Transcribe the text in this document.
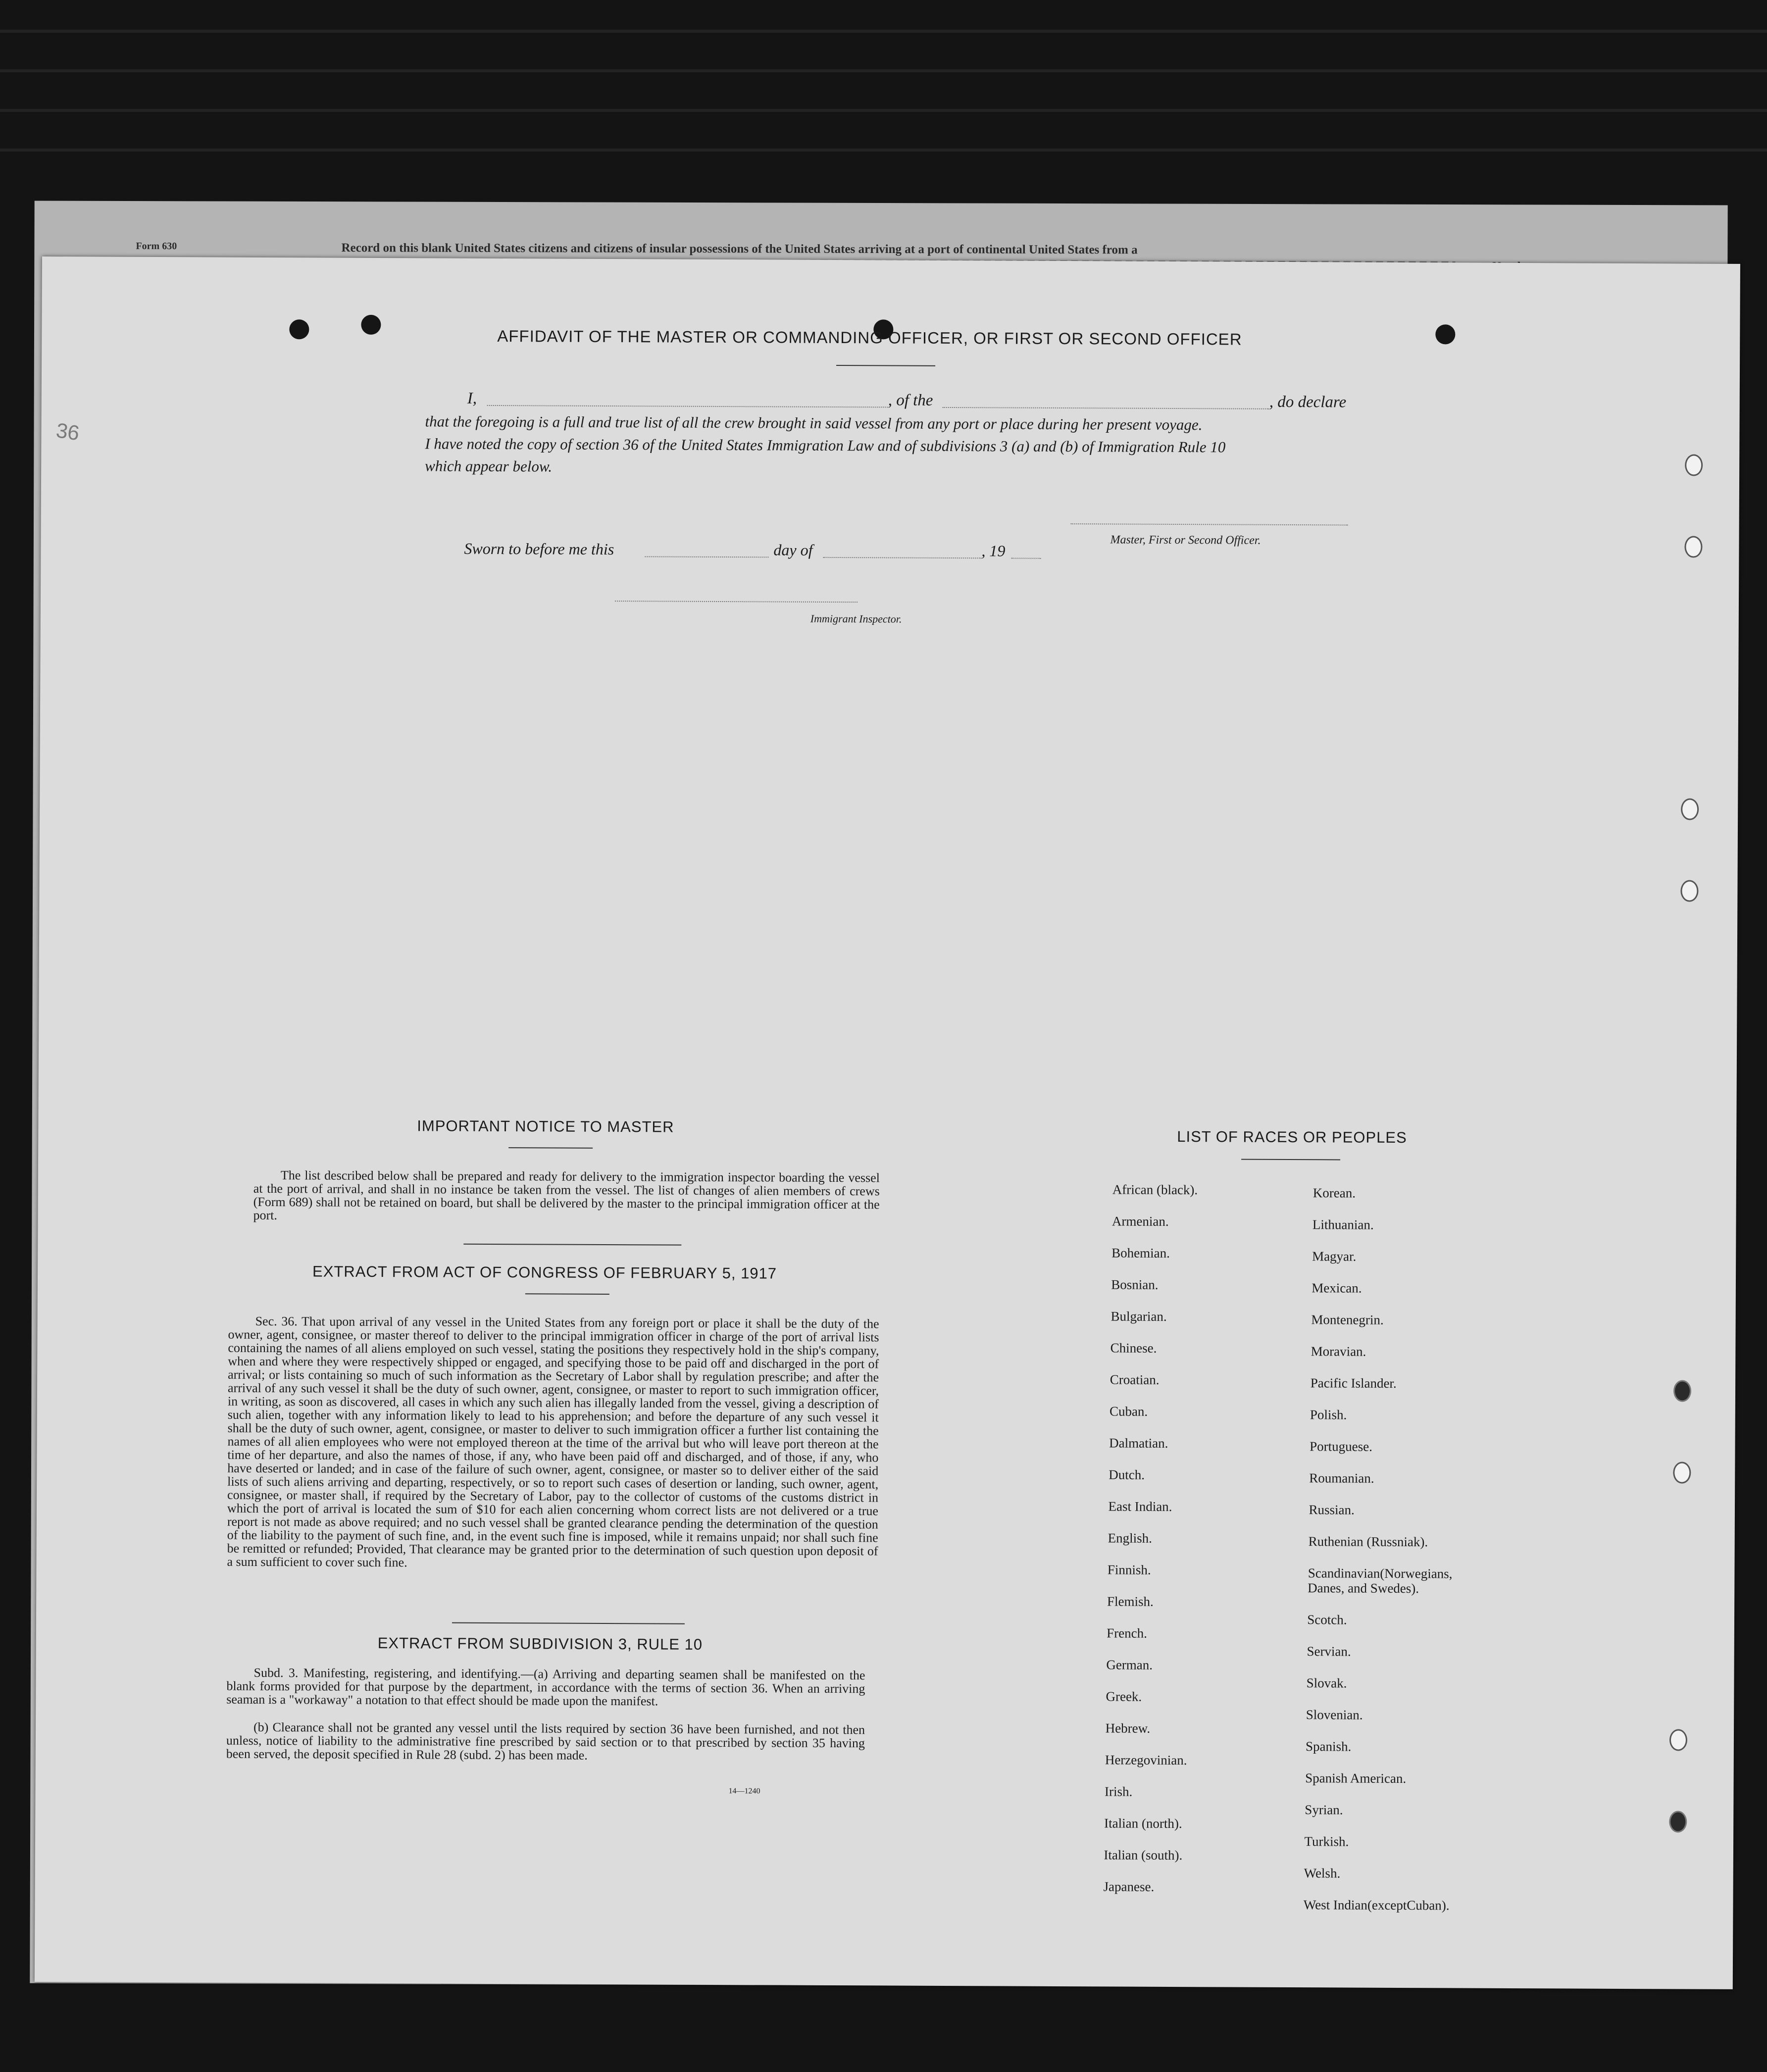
Form 630	Record on this blank United States citizens and citizens of insular possessions of the United States arriving at a port of continental United States from a
36
AFFIDAVIT OF THE MASTER OR COMMANDING OFFICER, OR FIRST OR SECOND OFFICER
I,	, of the	, do declare
that the foregoing is a full and true list of all the crew brought in said vessel from any port or place during her present voyage.
I have noted the copy of section 36 of the United States Immigration Law and of subdivisions 3 (a) and (b) of Immigration Rule 10
which appear below.
Master, First or Second Officer.
Sworn to before me this	day of	, 19
Immigrant Inspector.
IMPORTANT NOTICE TO MASTER
The list described below shall be prepared and ready for delivery to the immigration inspector boarding the vessel at the port of arrival, and shall in no instance be taken from the vessel. The list of changes of alien members of crews (Form 689) shall not be retained on board, but shall be delivered by the master to the principal immigration officer at the port.
EXTRACT FROM ACT OF CONGRESS OF FEBRUARY 5, 1917
Sec. 36. That upon arrival of any vessel in the United States from any foreign port or place it shall be the duty of the owner, agent, consignee, or master thereof to deliver to the principal immigration officer in charge of the port of arrival lists containing the names of all aliens employed on such vessel, stating the positions they respectively hold in the ship's company, when and where they were respectively shipped or engaged, and specifying those to be paid off and discharged in the port of arrival; or lists containing so much of such information as the Secretary of Labor shall by regulation prescribe; and after the arrival of any such vessel it shall be the duty of such owner, agent, consignee, or master to report to such immigration officer, in writing, as soon as discovered, all cases in which any such alien has illegally landed from the vessel, giving a description of such alien, together with any information likely to lead to his apprehension; and before the departure of any such vessel it shall be the duty of such owner, agent, consignee, or master to deliver to such immigration officer a further list containing the names of all alien employees who were not employed thereon at the time of the arrival but who will leave port thereon at the time of her departure, and also the names of those, if any, who have been paid off and discharged, and of those, if any, who have deserted or landed; and in case of the failure of such owner, agent, consignee, or master so to deliver either of the said lists of such aliens arriving and departing, respectively, or so to report such cases of desertion or landing, such owner, agent, consignee, or master shall, if required by the Secretary of Labor, pay to the collector of customs of the customs district in which the port of arrival is located the sum of $10 for each alien concerning whom correct lists are not delivered or a true report is not made as above required; and no such vessel shall be granted clearance pending the determination of the question of the liability to the payment of such fine, and, in the event such fine is imposed, while it remains unpaid; nor shall such fine be remitted or refunded; Provided, That clearance may be granted prior to the determination of such question upon deposit of a sum sufficient to cover such fine.
EXTRACT FROM SUBDIVISION 3, RULE 10
Subd. 3. Manifesting, registering, and identifying.—(a) Arriving and departing seamen shall be manifested on the blank forms provided for that purpose by the department, in accordance with the terms of section 36. When an arriving seaman is a "workaway" a notation to that effect should be made upon the manifest.
(b) Clearance shall not be granted any vessel until the lists required by section 36 have been furnished, and not then unless, notice of liability to the administrative fine prescribed by said section or to that prescribed by section 35 having been served, the deposit specified in Rule 28 (subd. 2) has been made.
14—1240
LIST OF RACES OR PEOPLES
African (black).
Armenian.
Bohemian.
Bosnian.
Bulgarian.
Chinese.
Croatian.
Cuban.
Dalmatian.
Dutch.
East Indian.
English.
Finnish.
Flemish.
French.
German.
Greek.
Hebrew.
Herzegovinian.
Irish.
Italian (north).
Italian (south).
Japanese.
Korean.
Lithuanian.
Magyar.
Mexican.
Montenegrin.
Moravian.
Pacific Islander.
Polish.
Portuguese.
Roumanian.
Russian.
Ruthenian (Russniak).
Scandinavian(Norwegians,
Danes, and Swedes).
Scotch.
Servian.
Slovak.
Slovenian.
Spanish.
Spanish American.
Syrian.
Turkish.
Welsh.
West Indian(exceptCuban).
